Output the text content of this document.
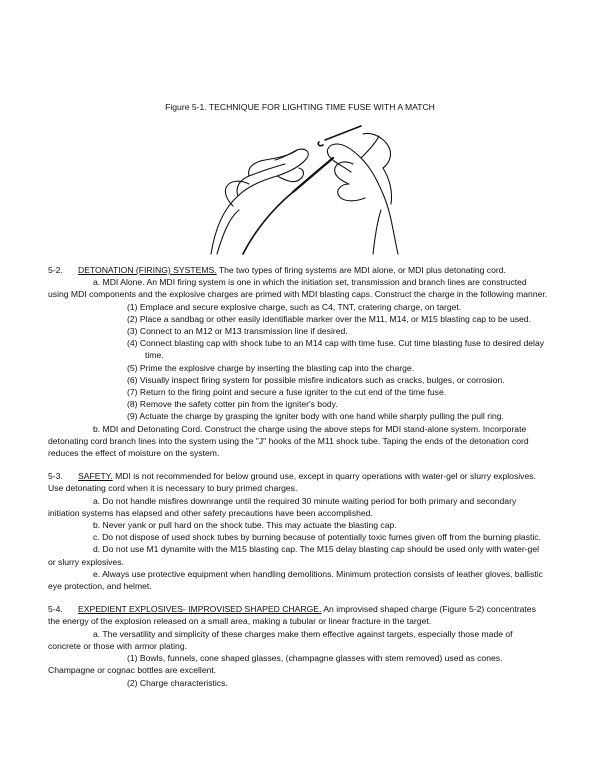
Figure 5-1. TECHNIQUE FOR LIGHTING TIME FUSE WITH A MATCH

5-2. DETONATION (FIRING) SYSTEMS. The two types of firing systems are MDI alone, or MDI plus detonating cord.

a. MDI Alone. An MDI firing system is one in which the initiation set, transmission and branch lines are constructed

using MDI components and the explosive charges are primed with MDI blasting caps. Construct the charge in the following manner.

(1) Emplace and secure explosive charge, such as C4, TNT, cratering charge, on target.

(2) Place a sandbag or other easily identifiable marker over the M11, M14, or M15 blasting cap to be used.

(3) Connect to an M12 or M13 transmission line if desired.

(4) Connect blasting cap with shock tube to an M14 cap with time fuse. Cut time blasting fuse to desired delay

time.

(5) Prime the explosive charge by inserting the blasting cap into the charge.

(6) Visually inspect firing system for possible misfire indicators such as cracks, bulges, or corrosion.

(7) Return to the firing point and secure a fuse igniter to the cut end of the time fuse.

(8) Remove the safety cotter pin from the igniter's body.

(9) Actuate the charge by grasping the igniter body with one hand while sharply pulling the pull ring.

b. MDI and Detonating Cord. Construct the charge using the above steps for MDI stand-alone system. Incorporate

detonating cord branch lines into the system using the "J" hooks of the M11 shock tube. Taping the ends of the detonation cord

reduces the effect of moisture on the system.

5-3. SAFETY. MDI is not recommended for below ground use, except in quarry operations with water-gel or slurry explosives.

Use detonating cord when it is necessary to bury primed charges.

a. Do not handle misfires downrange until the required 30 minute waiting period for both primary and secondary

initiation systems has elapsed and other safety precautions have been accomplished.

b. Never yank or pull hard on the shock tube. This may actuate the blasting cap.

c. Do not dispose of used shock tubes by burning because of potentially toxic fumes given off from the burning plastic.

d. Do not use M1 dynamite with the M15 blasting cap. The M15 delay blasting cap should be used only with water-gel

or slurry explosives.

e. Always use protective equipment when handling demolitions. Minimum protection consists of leather gloves, ballistic

eye protection, and helmet.

5-4. EXPEDIENT EXPLOSIVES- IMPROVISED SHAPED CHARGE. An improvised shaped charge (Figure 5-2) concentrates

the energy of the explosion released on a small area, making a tubular or linear fracture in the target.

a. The versatility and simplicity of these charges make them effective against targets, especially those made of

concrete or those with armor plating.

(1) Bowls, funnels, cone shaped glasses, (champagne glasses with stem removed) used as cones.

Champagne or cognac bottles are excellent.

(2) Charge characteristics.
